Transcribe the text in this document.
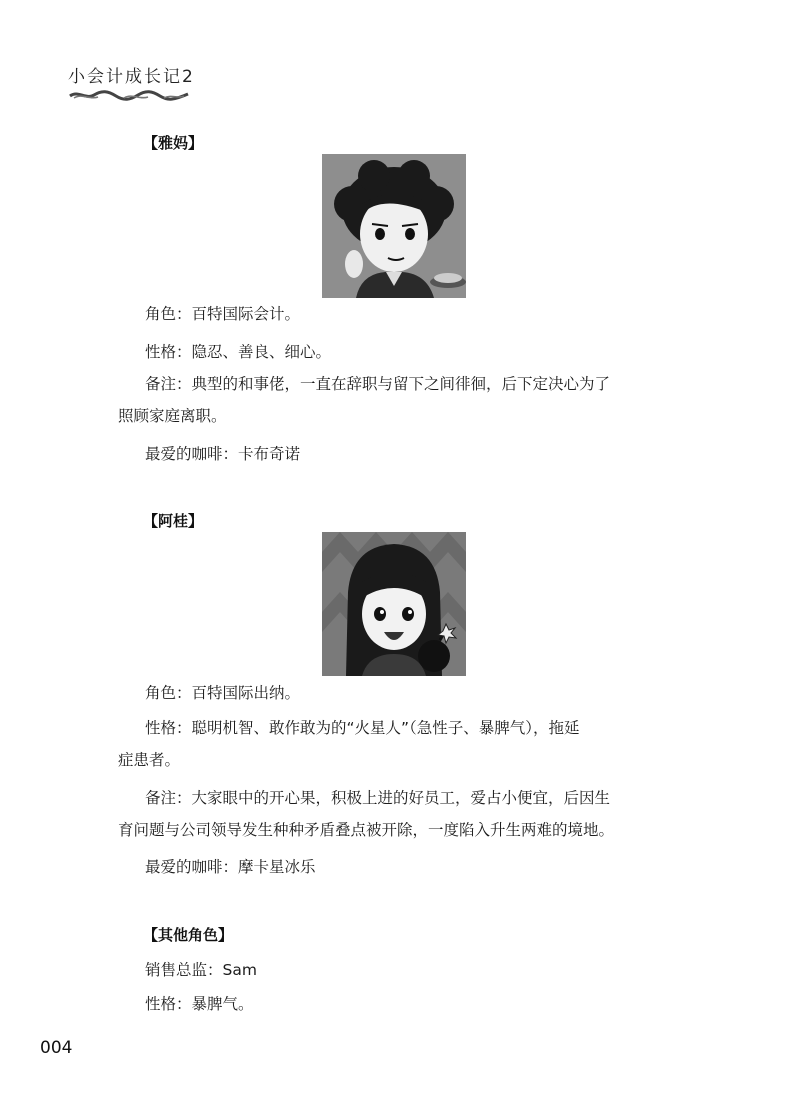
小会计成长记2
【雅妈】
角色：百特国际会计。
性格：隐忍、善良、细心。
备注：典型的和事佬，一直在辞职与留下之间徘徊，后下定决心为了
照顾家庭离职。
最爱的咖啡：卡布奇诺
【阿桂】
角色：百特国际出纳。
性格：聪明机智、敢作敢为的“火星人”（急性子、暴脾气），拖延
症患者。
备注：大家眼中的开心果，积极上进的好员工，爱占小便宜，后因生
育问题与公司领导发生种种矛盾叠点被开除，一度陷入升生两难的境地。
最爱的咖啡：摩卡星冰乐
【其他角色】
销售总监：Sam
性格：暴脾气。
004
